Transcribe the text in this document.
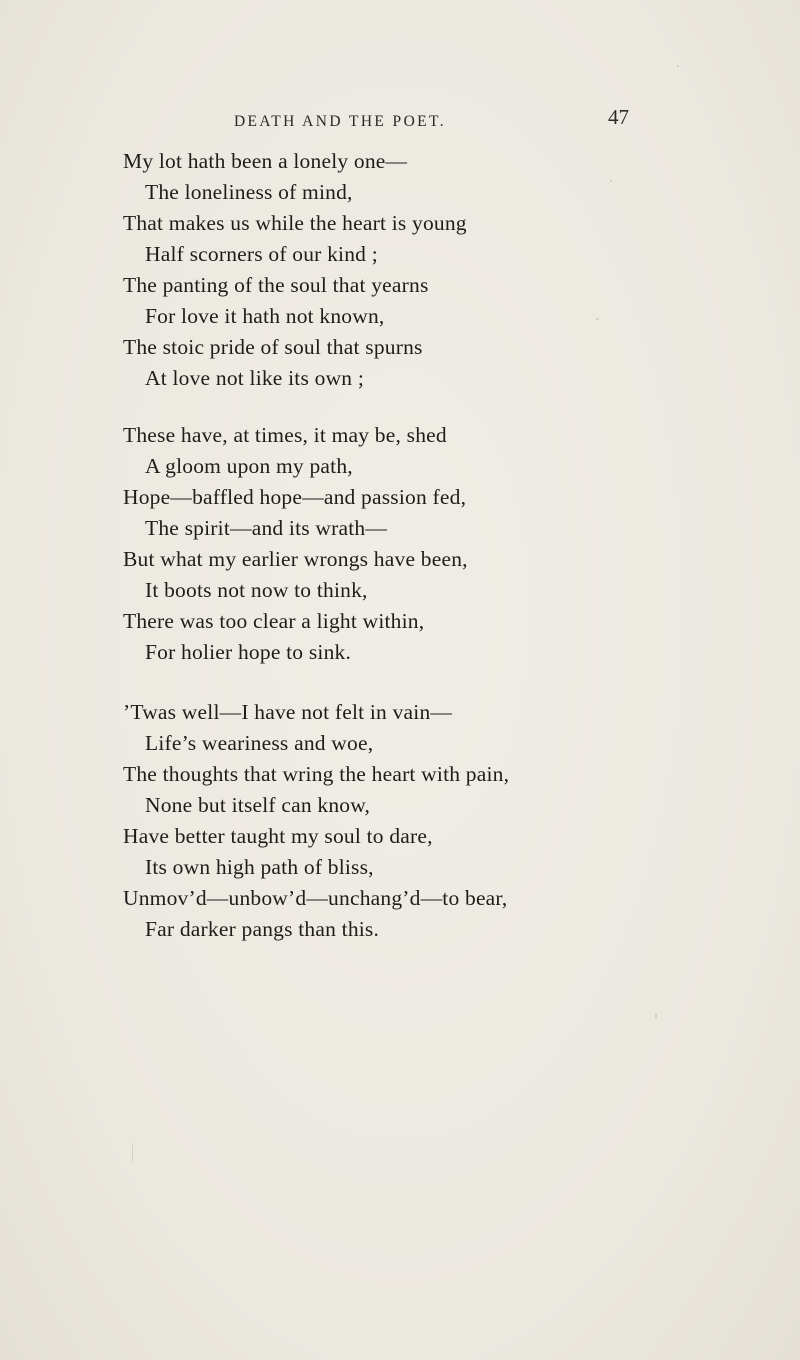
DEATH AND THE POET.	47
My lot hath been a lonely one—
The loneliness of mind,
That makes us while the heart is young
Half scorners of our kind ;
The panting of the soul that yearns
For love it hath not known,
The stoic pride of soul that spurns
At love not like its own ;
These have, at times, it may be, shed
A gloom upon my path,
Hope—baffled hope—and passion fed,
The spirit—and its wrath—
But what my earlier wrongs have been,
It boots not now to think,
There was too clear a light within,
For holier hope to sink.
’Twas well—I have not felt in vain—
Life’s weariness and woe,
The thoughts that wring the heart with pain,
None but itself can know,
Have better taught my soul to dare,
Its own high path of bliss,
Unmov’d—unbow’d—unchang’d—to bear,
Far darker pangs than this.
